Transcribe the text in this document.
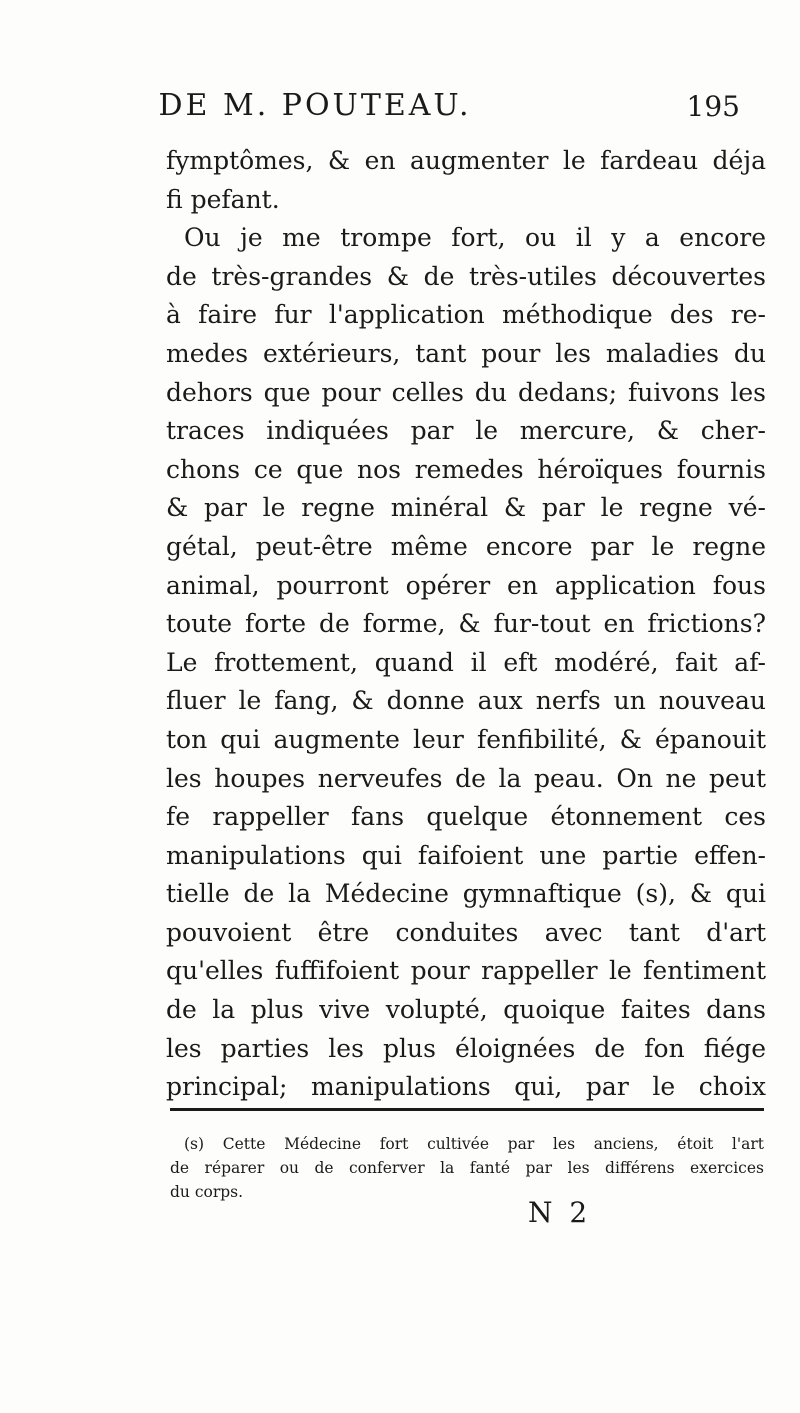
DE M. POUTEAU.	195
fymptômes, & en augmenter le fardeau déja
fi pefant.
Ou je me trompe fort, ou il y a encore
de très-grandes & de très-utiles découvertes
à faire fur l'application méthodique des re-
medes extérieurs, tant pour les maladies du
dehors que pour celles du dedans; fuivons les
traces indiquées par le mercure, & cher-
chons ce que nos remedes héroïques fournis
& par le regne minéral & par le regne vé-
gétal, peut-être même encore par le regne
animal, pourront opérer en application fous
toute forte de forme, & fur-tout en frictions?
Le frottement, quand il eft modéré, fait af-
fluer le fang, & donne aux nerfs un nouveau
ton qui augmente leur fenfibilité, & épanouit
les houpes nerveufes de la peau. On ne peut
fe rappeller fans quelque étonnement ces
manipulations qui faifoient une partie effen-
tielle de la Médecine gymnaftique (s), & qui
pouvoient être conduites avec tant d'art
qu'elles fuffifoient pour rappeller le fentiment
de la plus vive volupté, quoique faites dans
les parties les plus éloignées de fon fiége
principal; manipulations qui, par le choix
(s) Cette Médecine fort cultivée par les anciens, étoit l'art
de réparer ou de conferver la fanté par les différens exercices
du corps.
N 2
